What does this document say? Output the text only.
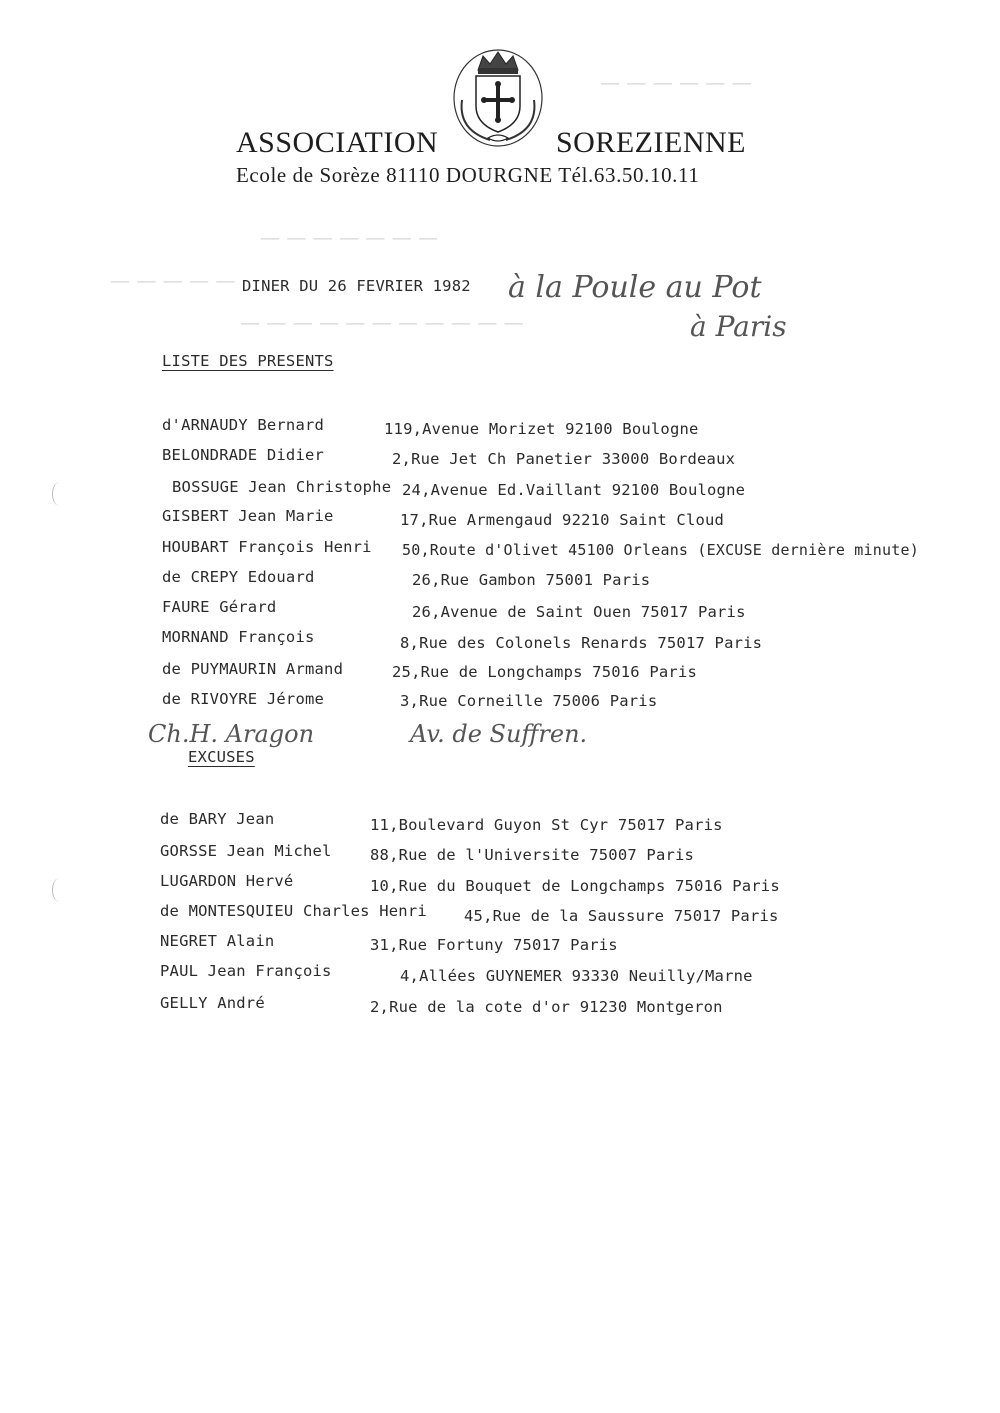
— — — — — —
— — — — — — —
— — — — —
— — — — — — — — — — —
ASSOCIATION	SOREZIENNE
Ecole de Sorèze 81110 DOURGNE Tél.63.50.10.11
DINER DU 26 FEVRIER 1982 à la Poule au Pot
à Paris
LISTE DES PRESENTS
d'ARNAUDY Bernard	119,Avenue Morizet 92100 Boulogne
BELONDRADE Didier	2,Rue Jet Ch Panetier 33000 Bordeaux
BOSSUGE Jean Christophe 24,Avenue Ed.Vaillant 92100 Boulogne
GISBERT Jean Marie	17,Rue Armengaud 92210 Saint Cloud
HOUBART François Henri 50,Route d'Olivet 45100 Orleans (EXCUSE dernière minute)
de CREPY Edouard	26,Rue Gambon 75001 Paris
FAURE Gérard	26,Avenue de Saint Ouen 75017 Paris
MORNAND François	8,Rue des Colonels Renards 75017 Paris
de PUYMAURIN Armand	25,Rue de Longchamps 75016 Paris
de RIVOYRE Jérome	3,Rue Corneille 75006 Paris
Ch.H. Aragon	Av. de Suffren.
EXCUSES
de BARY Jean	11,Boulevard Guyon St Cyr 75017 Paris
GORSSE Jean Michel 88,Rue de l'Universite 75007 Paris
LUGARDON Hervé	10,Rue du Bouquet de Longchamps 75016 Paris
de MONTESQUIEU Charles Henri 45,Rue de la Saussure 75017 Paris
NEGRET Alain	31,Rue Fortuny 75017 Paris
PAUL Jean François	4,Allées GUYNEMER 93330 Neuilly/Marne
GELLY André	2,Rue de la cote d'or 91230 Montgeron
